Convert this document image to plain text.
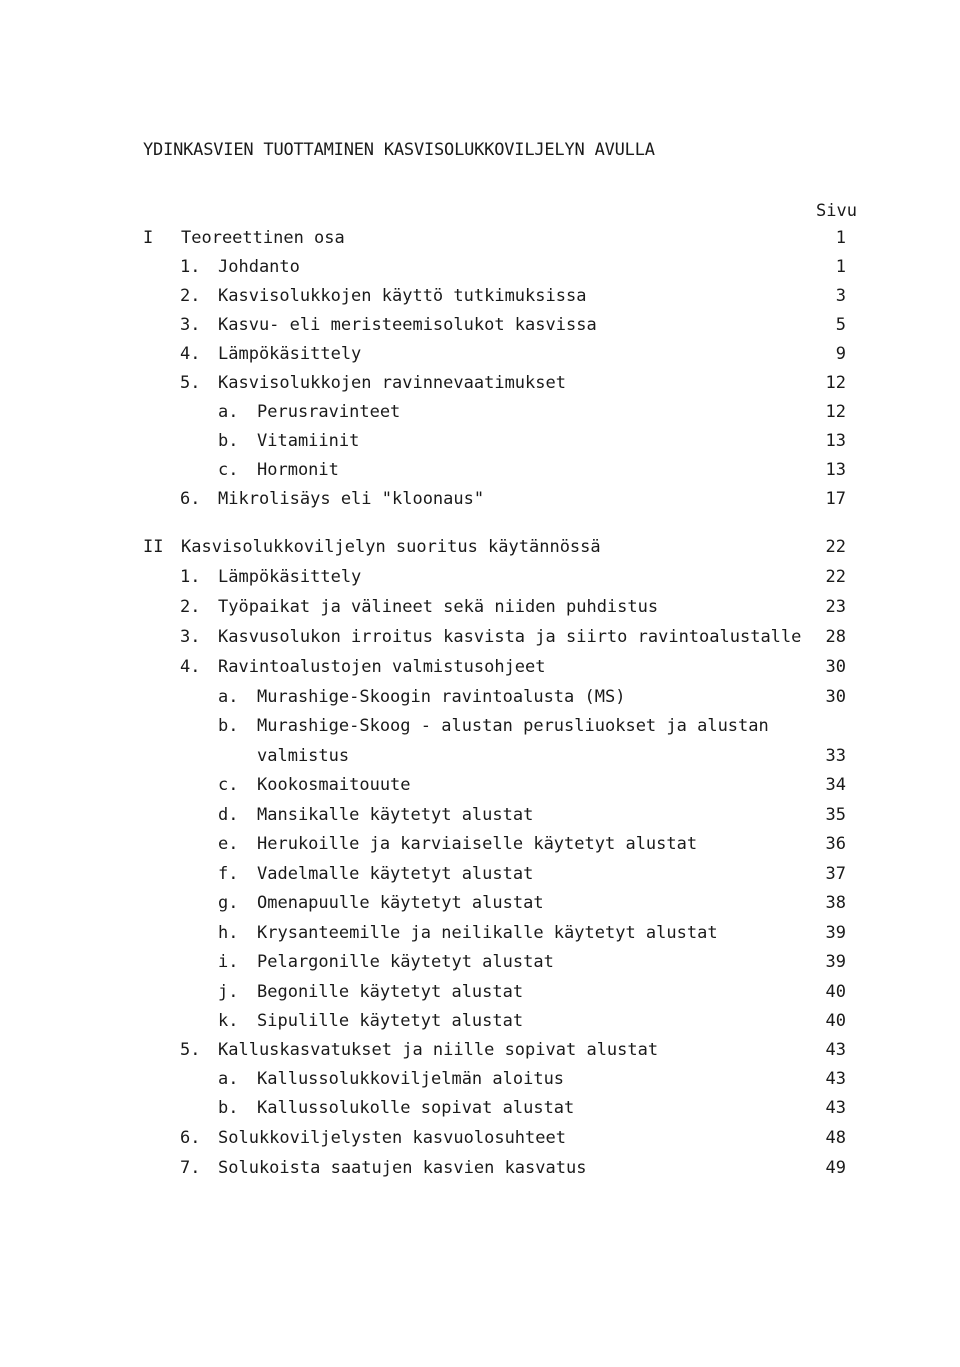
YDINKASVIEN TUOTTAMINEN KASVISOLUKKOVILJELYN AVULLA
Sivu
I Teoreettinen osa	1
1. Johdanto	1
2. Kasvisolukkojen käyttö tutkimuksissa	3
3. Kasvu- eli meristeemisolukot kasvissa	5
4. Lämpökäsittely	9
5. Kasvisolukkojen ravinnevaatimukset	12
a. Perusravinteet	12
b. Vitamiinit	13
c. Hormonit	13
6. Mikrolisäys eli "kloonaus"	17
II Kasvisolukkoviljelyn suoritus käytännössä	22
1. Lämpökäsittely	22
2. Työpaikat ja välineet sekä niiden puhdistus	23
3. Kasvusolukon irroitus kasvista ja siirto ravintoalustalle 28
4. Ravintoalustojen valmistusohjeet	30
a. Murashige-Skoogin ravintoalusta (MS)	30
b. Murashige-Skoog - alustan perusliuokset ja alustan
valmistus	33
c. Kookosmaitouute	34
d. Mansikalle käytetyt alustat	35
e. Herukoille ja karviaiselle käytetyt alustat	36
f. Vadelmalle käytetyt alustat	37
g. Omenapuulle käytetyt alustat	38
h. Krysanteemille ja neilikalle käytetyt alustat	39
i. Pelargonille käytetyt alustat	39
j. Begonille käytetyt alustat	40
k. Sipulille käytetyt alustat	40
5. Kalluskasvatukset ja niille sopivat alustat	43
a. Kallussolukkoviljelmän aloitus	43
b. Kallussolukolle sopivat alustat	43
6. Solukkoviljelysten kasvuolosuhteet	48
7. Solukoista saatujen kasvien kasvatus	49
